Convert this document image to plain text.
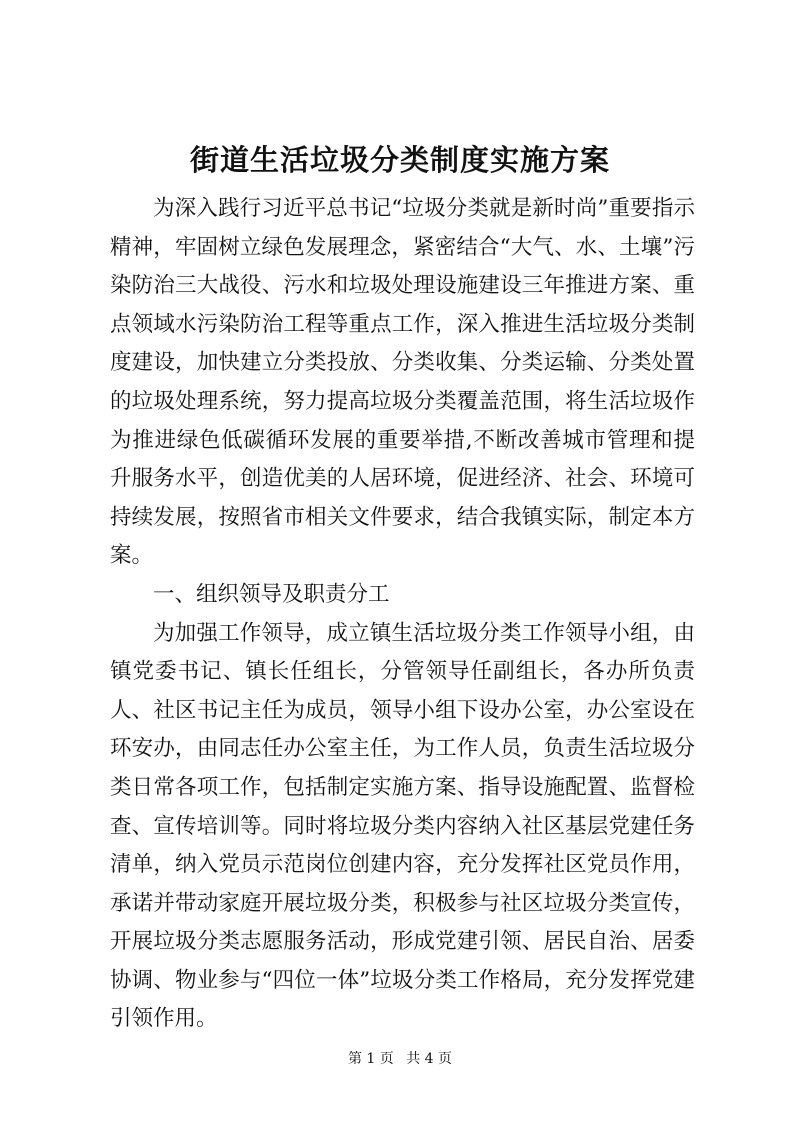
街道生活垃圾分类制度实施方案

为深入践行习近平总书记“垃圾分类就是新时尚”重要指示精神，牢固树立绿色发展理念，紧密结合“大气、水、土壤”污染防治三大战役、污水和垃圾处理设施建设三年推进方案、重点领域水污染防治工程等重点工作，深入推进生活垃圾分类制度建设，加快建立分类投放、分类收集、分类运输、分类处置的垃圾处理系统，努力提高垃圾分类覆盖范围，将生活垃圾作为推进绿色低碳循环发展的重要举措,不断改善城市管理和提升服务水平，创造优美的人居环境，促进经济、社会、环境可持续发展，按照省市相关文件要求，结合我镇实际，制定本方案。

一、组织领导及职责分工

为加强工作领导，成立镇生活垃圾分类工作领导小组，由镇党委书记、镇长任组长，分管领导任副组长，各办所负责人、社区书记主任为成员，领导小组下设办公室，办公室设在环安办，由同志任办公室主任，为工作人员，负责生活垃圾分类日常各项工作，包括制定实施方案、指导设施配置、监督检查、宣传培训等。同时将垃圾分类内容纳入社区基层党建任务清单，纳入党员示范岗位创建内容，充分发挥社区党员作用，承诺并带动家庭开展垃圾分类，积极参与社区垃圾分类宣传，开展垃圾分类志愿服务活动，形成党建引领、居民自治、居委协调、物业参与“四位一体”垃圾分类工作格局，充分发挥党建引领作用。

第 1 页 共 4 页
